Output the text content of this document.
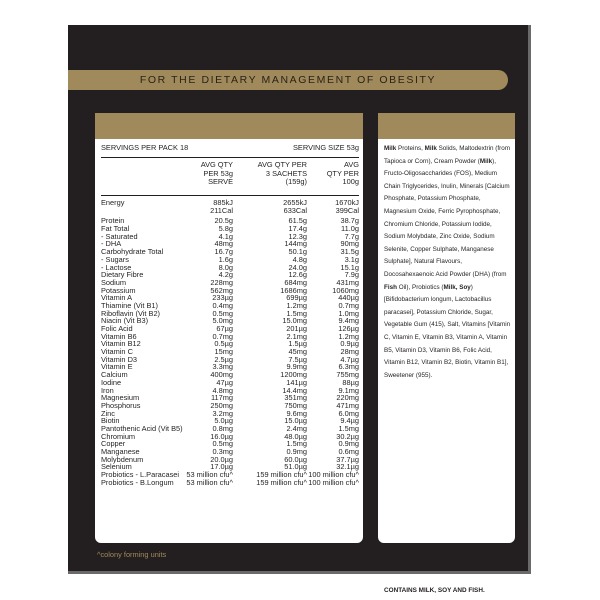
FOR THE DIETARY MANAGEMENT OF OBESITY
SERVINGS PER PACK 18	SERVING SIZE 53g
AVG QTY
PER 53g
SERVE
AVG QTY PER
3 SACHETS
(159g)
AVG
QTY PER
100g
Energy	885kJ	2655kJ	1670kJ
211Cal	633Cal	399Cal
Protein	20.5g	61.5g	38.7g
Fat Total	5.8g	17.4g	11.0g
- Saturated	4.1g	12.3g	7.7g
- DHA	48mg	144mg	90mg
Carbohydrate Total	16.7g	50.1g	31.5g
- Sugars	1.6g	4.8g	3.1g
- Lactose	8.0g	24.0g	15.1g
Dietary Fibre	4.2g	12.6g	7.9g
Sodium	228mg	684mg	431mg
Potassium	562mg	1686mg	1060mg
Vitamin A	233µg	699µg	440µg
Thiamine (Vit B1)	0.4mg	1.2mg	0.7mg
Riboflavin (Vit B2)	0.5mg	1.5mg	1.0mg
Niacin (Vit B3)	5.0mg	15.0mg	9.4mg
Folic Acid	67µg	201µg	126µg
Vitamin B6	0.7mg	2.1mg	1.2mg
Vitamin B12	0.5µg	1.5µg	0.9µg
Vitamin C	15mg	45mg	28mg
Vitamin D3	2.5µg	7.5µg	4.7µg
Vitamin E	3.3mg	9.9mg	6.3mg
Calcium	400mg	1200mg	755mg
Iodine	47µg	141µg	88µg
Iron	4.8mg	14.4mg	9.1mg
Magnesium	117mg	351mg	220mg
Phosphorus	250mg	750mg	471mg
Zinc	3.2mg	9.6mg	6.0mg
Biotin	5.0µg	15.0µg	9.4µg
Pantothenic Acid (Vit B5)	0.8mg	2.4mg	1.5mg
Chromium	16.0µg	48.0µg	30.2µg
Copper	0.5mg	1.5mg	0.9mg
Manganese	0.3mg	0.9mg	0.6mg
Molybdenum	20.0µg	60.0µg	37.7µg
Selenium	17.0µg	51.0µg	32.1µg
Probiotics - L.Paracasei 53 million cfu^	159 million cfu^ 100 million cfu^
Probiotics - B.Longum	53 million cfu^	159 million cfu^ 100 million cfu^
Milk Proteins, Milk Solids, Maltodextrin (from Tapioca or Corn), Cream Powder (Milk), Fructo-Oligosaccharides (FOS), Medium Chain Triglycerides, Inulin, Minerals [Calcium Phosphate, Potassium Phosphate, Magnesium Oxide, Ferric Pyrophosphate, Chromium Chloride, Potassium Iodide, Sodium Molybdate, Zinc Oxide, Sodium Selenite, Copper Sulphate, Manganese Sulphate], Natural Flavours, Docosahexaenoic Acid Powder (DHA) (from Fish Oil), Probiotics (Milk, Soy) [Bifidobacterium longum, Lactobacillus paracasei], Potassium Chloride, Sugar, Vegetable Gum (415), Salt, Vitamins [Vitamin C, Vitamin E, Vitamin B3, Vitamin A, Vitamin B5, Vitamin D3, Vitamin B6, Folic Acid, Vitamin B12, Vitamin B2, Biotin, Vitamin B1], Sweetener (955).
CONTAINS MILK, SOY AND FISH.
^colony forming units
